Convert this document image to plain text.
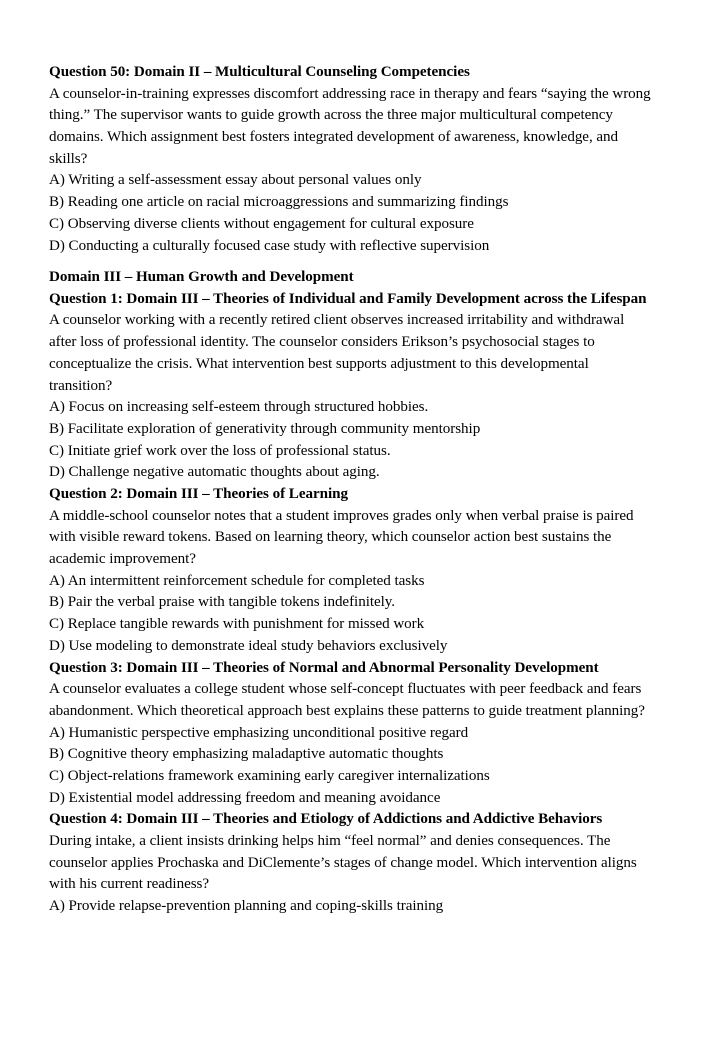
Question 50: Domain II – Multicultural Counseling Competencies

A counselor-in-training expresses discomfort addressing race in therapy and fears “saying the wrong thing.” The supervisor wants to guide growth across the three major multicultural competency domains. Which assignment best fosters integrated development of awareness, knowledge, and skills?

A) Writing a self-assessment essay about personal values only

B) Reading one article on racial microaggressions and summarizing findings

C) Observing diverse clients without engagement for cultural exposure

D) Conducting a culturally focused case study with reflective supervision

Domain III – Human Growth and Development

Question 1: Domain III – Theories of Individual and Family Development across the Lifespan

A counselor working with a recently retired client observes increased irritability and withdrawal after loss of professional identity. The counselor considers Erikson’s psychosocial stages to conceptualize the crisis. What intervention best supports adjustment to this developmental transition?

A) Focus on increasing self-esteem through structured hobbies.

B) Facilitate exploration of generativity through community mentorship

C) Initiate grief work over the loss of professional status.

D) Challenge negative automatic thoughts about aging.

Question 2: Domain III – Theories of Learning

A middle-school counselor notes that a student improves grades only when verbal praise is paired with visible reward tokens. Based on learning theory, which counselor action best sustains the academic improvement?

A) An intermittent reinforcement schedule for completed tasks

B) Pair the verbal praise with tangible tokens indefinitely.

C) Replace tangible rewards with punishment for missed work

D) Use modeling to demonstrate ideal study behaviors exclusively

Question 3: Domain III – Theories of Normal and Abnormal Personality Development

A counselor evaluates a college student whose self-concept fluctuates with peer feedback and fears abandonment. Which theoretical approach best explains these patterns to guide treatment planning?

A) Humanistic perspective emphasizing unconditional positive regard

B) Cognitive theory emphasizing maladaptive automatic thoughts

C) Object-relations framework examining early caregiver internalizations

D) Existential model addressing freedom and meaning avoidance

Question 4: Domain III – Theories and Etiology of Addictions and Addictive Behaviors

During intake, a client insists drinking helps him “feel normal” and denies consequences. The counselor applies Prochaska and DiClemente’s stages of change model. Which intervention aligns with his current readiness?

A) Provide relapse-prevention planning and coping-skills training
